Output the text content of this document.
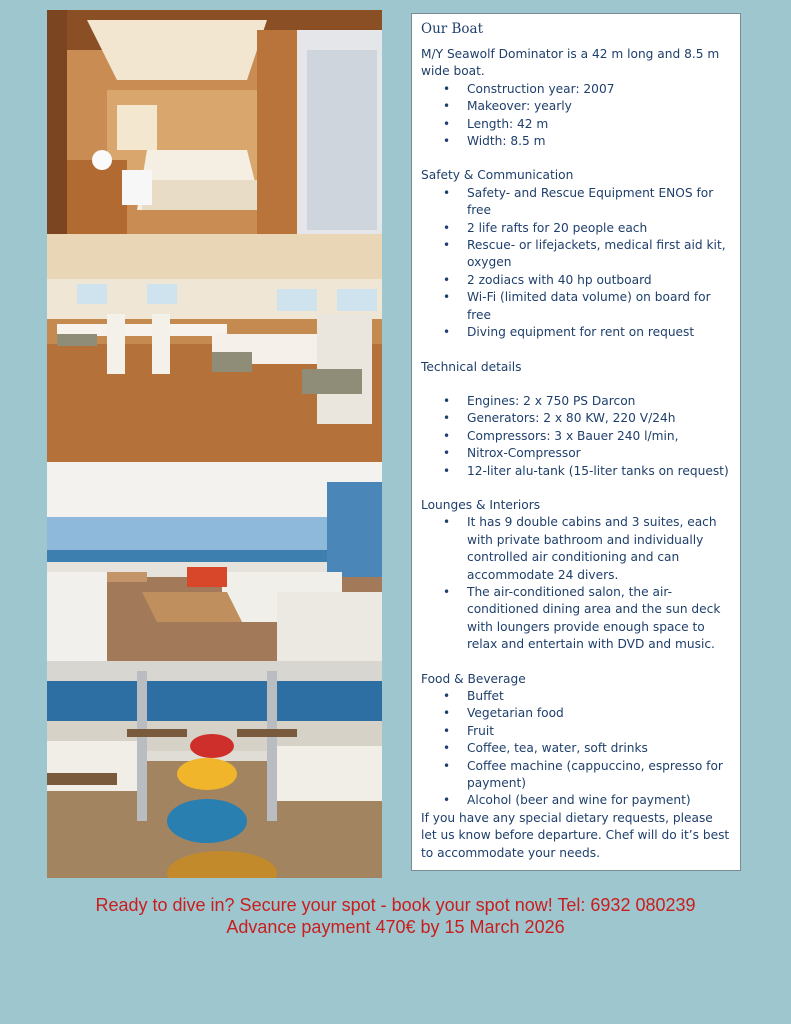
Our Boat

M/Y Seawolf Dominator is a 42 m long and 8.5 m wide boat.

• Construction year: 2007
• Makeover: yearly
• Length: 42 m
• Width: 8.5 m

Safety & Communication

• Safety- and Rescue Equipment ENOS for free
• 2 life rafts for 20 people each
• Rescue- or lifejackets, medical first aid kit, oxygen
• 2 zodiacs with 40 hp outboard
• Wi-Fi (limited data volume) on board for free
• Diving equipment for rent on request

Technical details

• Engines: 2 x 750 PS Darcon
• Generators: 2 x 80 KW, 220 V/24h
• Compressors: 3 x Bauer 240 l/min,
• Nitrox-Compressor
• 12-liter alu-tank (15-liter tanks on request)

Lounges & Interiors

• It has 9 double cabins and 3 suites, each with private bathroom and individually controlled air conditioning and can accommodate 24 divers.
• The air-conditioned salon, the air-conditioned dining area and the sun deck with loungers provide enough space to relax and entertain with DVD and music.

Food & Beverage

• Buffet
• Vegetarian food
• Fruit
• Coffee, tea, water, soft drinks
• Coffee machine (cappuccino, espresso for payment)
• Alcohol (beer and wine for payment)

If you have any special dietary requests, please let us know before departure. Chef will do it’s best to accommodate your needs.

Ready to dive in? Secure your spot - book your spot now! Tel: 6932 080239
Advance payment 470€ by 15 March 2026
